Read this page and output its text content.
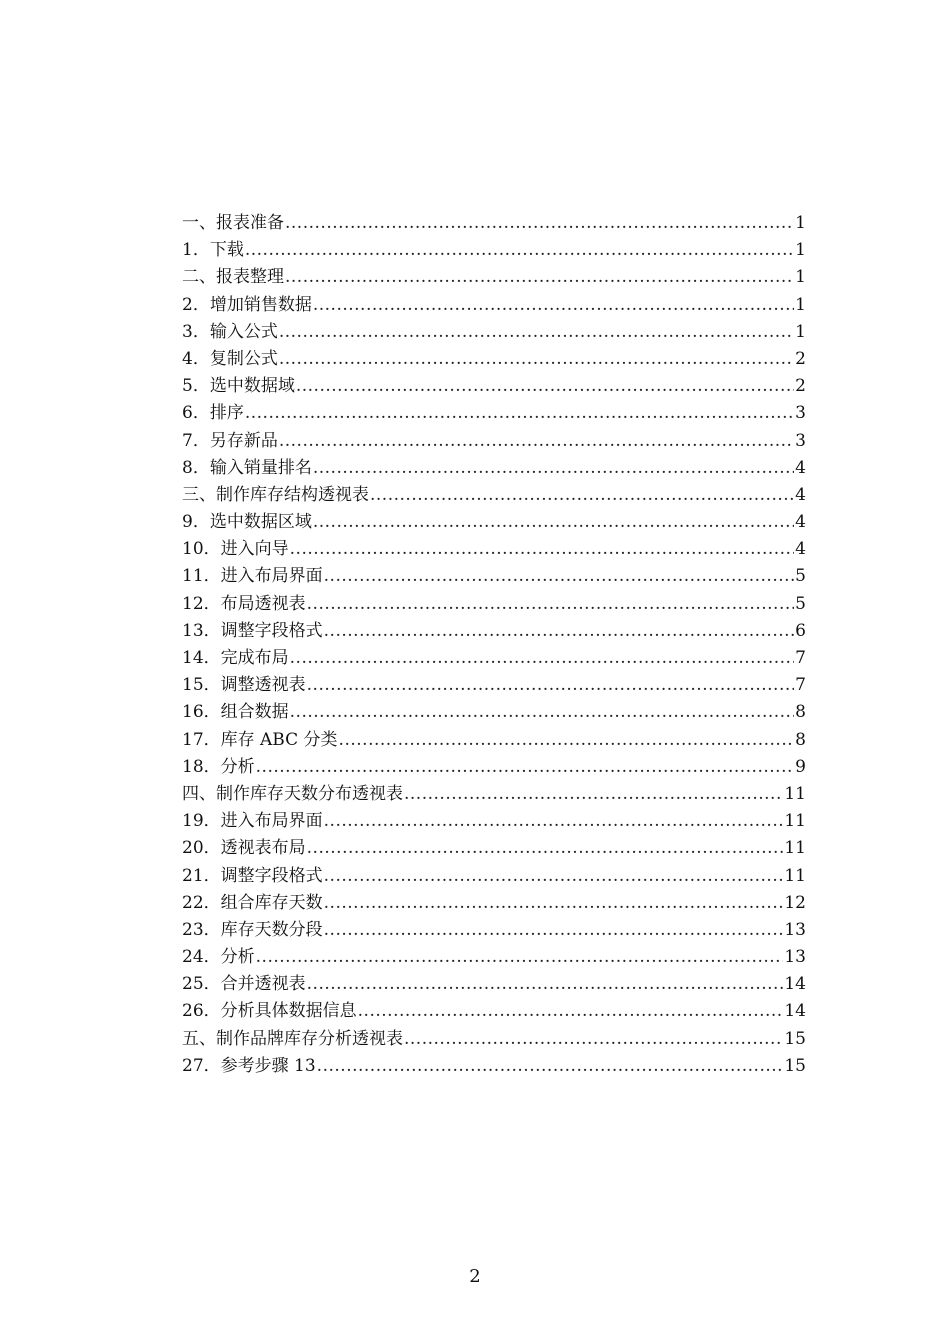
一、报表准备 .....	1
1．下载 .....	1
二、报表整理 .....	1
2．增加销售数据 .....	1
3．输入公式 .....	1
4．复制公式 .....	2
5．选中数据域 .....	2
6．排序 .....	3
7．另存新品 .....	3
8．输入销量排名 .....	4
三、制作库存结构透视表 .....	4
9．选中数据区域 .....	4
10．进入向导 .....	4
11．进入布局界面 .....	5
12．布局透视表 .....	5
13．调整字段格式 .....	6
14．完成布局 .....	7
15．调整透视表 .....	7
16．组合数据 .....	8
17．库存 ABC 分类 .....	8
18．分析 .....	9
四、制作库存天数分布透视表 .....	11
19．进入布局界面 .....	11
20．透视表布局 .....	11
21．调整字段格式 .....	11
22．组合库存天数 .....	12
23．库存天数分段 .....	13
24．分析 .....	13
25．合并透视表 .....	14
26．分析具体数据信息 .....	14
五、制作品牌库存分析透视表 .....	15
27．参考步骤 13 .....	15
2
